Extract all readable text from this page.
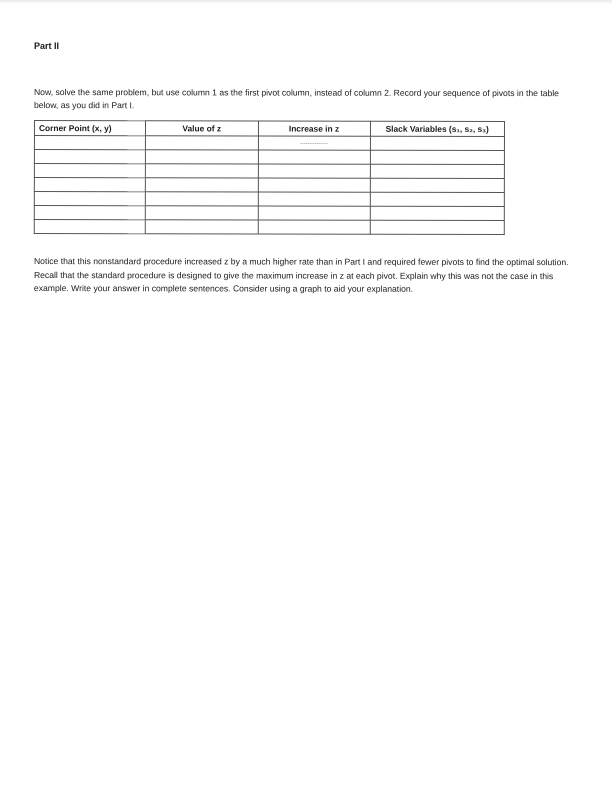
Part II
Now, solve the same problem, but use column 1 as the first pivot column, instead of column 2. Record your sequence of pivots in the table below, as you did in Part I.
Corner Point (x, y)	Value of z	Increase in z	Slack Variables (s₁, s₂, s₃)

		---------------	

Notice that this nonstandard procedure increased z by a much higher rate than in Part I and required fewer pivots to find the optimal solution. Recall that the standard procedure is designed to give the maximum increase in z at each pivot. Explain why this was not the case in this example. Write your answer in complete sentences. Consider using a graph to aid your explanation.
